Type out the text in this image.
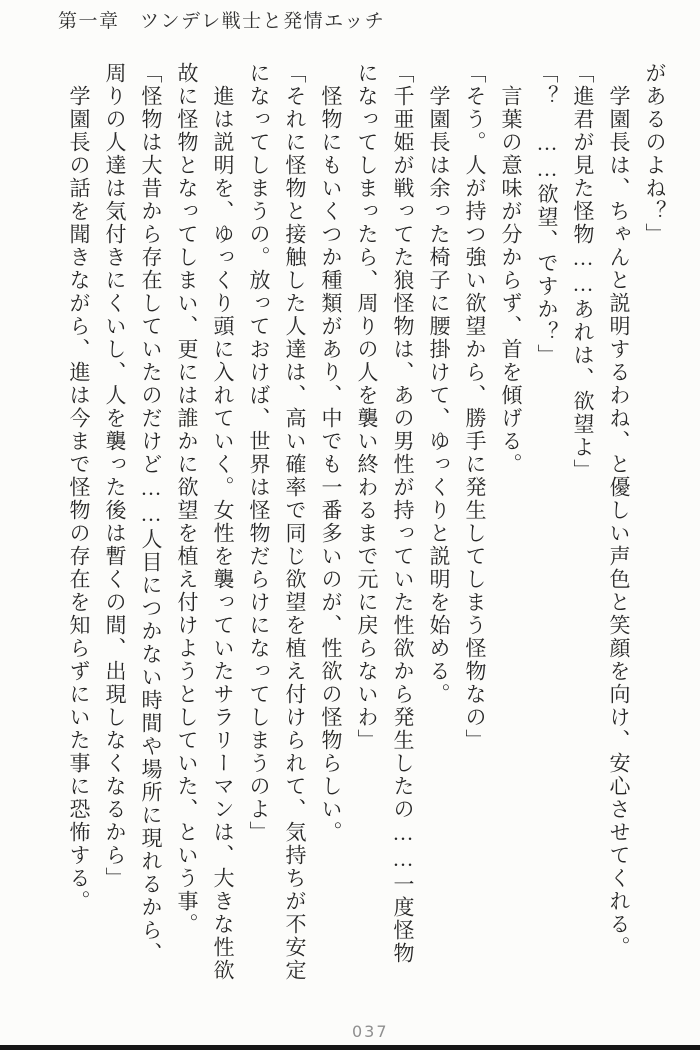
第一章　ツンデレ戦士と発情エッチ

があるのよね？」

　学園長は、ちゃんと説明するわね、と優しい声色と笑顔を向け、安心させてくれる。

「進君が見た怪物……あれは、欲望よ」

「？　……欲望、ですか？」

　言葉の意味が分からず、首を傾げる。

「そう。人が持つ強い欲望から、勝手に発生してしまう怪物なの」

　学園長は余った椅子に腰掛けて、ゆっくりと説明を始める。

「千亜姫が戦ってた狼怪物は、あの男性が持っていた性欲から発生したの……一度怪物になってしまったら、周りの人を襲い終わるまで元に戻らないわ」

　怪物にもいくつか種類があり、中でも一番多いのが、性欲の怪物らしい。

「それに怪物と接触した人達は、高い確率で同じ欲望を植え付けられて、気持ちが不安定になってしまうの。放っておけば、世界は怪物だらけになってしまうのよ」

　進は説明を、ゆっくり頭に入れていく。女性を襲っていたサラリーマンは、大きな性欲故に怪物となってしまい、更には誰かに欲望を植え付けようとしていた、という事。

「怪物は大昔から存在していたのだけど……人目につかない時間や場所に現れるから、周りの人達は気付きにくいし、人を襲った後は暫くの間、出現しなくなるから」

　学園長の話を聞きながら、進は今まで怪物の存在を知らずにいた事に恐怖する。

037
